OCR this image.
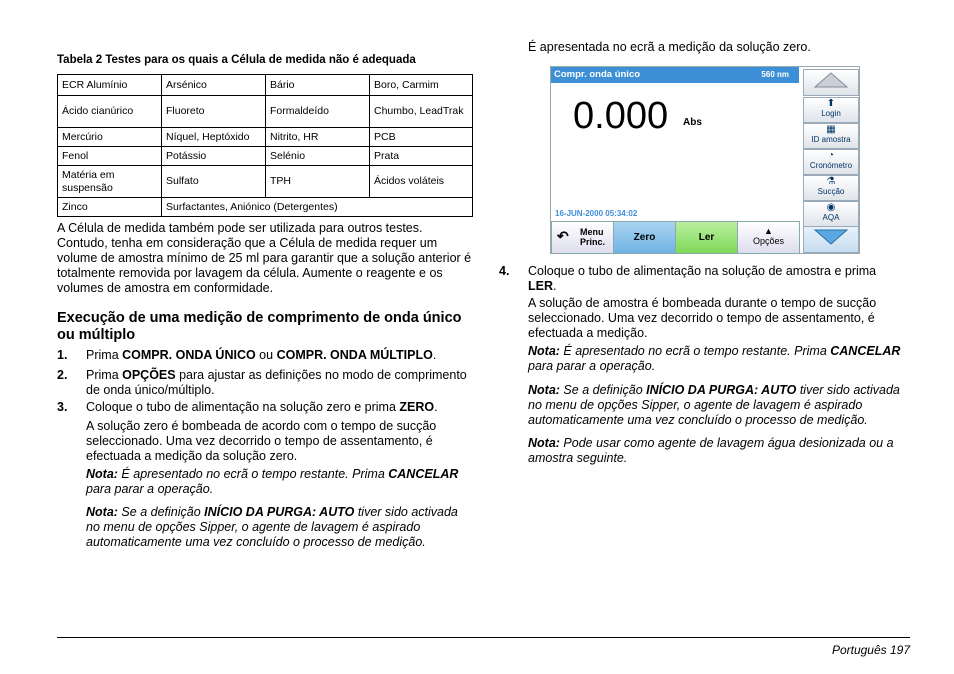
Tabela 2 Testes para os quais a Célula de medida não é adequada
ECR Alumínio	Arsénico	Bário	Boro, Carmim
Ácido cianúrico	Fluoreto	Formaldeído	Chumbo, LeadTrak
Mercúrio	Níquel, Heptóxido	Nitrito, HR	PCB
Fenol	Potássio	Selénio	Prata
Matéria em suspensão	Sulfato	TPH	Ácidos voláteis
Zinco	Surfactantes, Aniónico (Detergentes)		
A Célula de medida também pode ser utilizada para outros testes. Contudo, tenha em consideração que a Célula de medida requer um volume de amostra mínimo de 25 ml para garantir que a solução anterior é totalmente removida por lavagem da célula. Aumente o reagente e os volumes de amostra em conformidade.
Execução de uma medição de comprimento de onda único ou múltiplo
1. Prima COMPR. ONDA ÚNICO ou COMPR. ONDA MÚLTIPLO.
2. Prima OPÇÕES para ajustar as definições no modo de comprimento de onda único/múltiplo.
3. Coloque o tubo de alimentação na solução zero e prima ZERO.
A solução zero é bombeada de acordo com o tempo de sucção seleccionado. Uma vez decorrido o tempo de assentamento, é efectuada a medição da solução zero.
Nota: É apresentado no ecrã o tempo restante. Prima CANCELAR para parar a operação.
Nota: Se a definição INÍCIO DA PURGA: AUTO tiver sido activada no menu de opções Sipper, o agente de lavagem é aspirado automaticamente uma vez concluído o processo de medição.
É apresentada no ecrã a medição da solução zero.
Compr. onda único	560 nm
0.000 Abs
16-JUN-2000 05:34:02
⬆
Login
▦
ID amostra
◔
Cronómetro
⚗
Sucção
◉
AQA
↶ Menu Princ.	Zero	Ler
▲
Opções
4. Coloque o tubo de alimentação na solução de amostra e prima LER.
A solução de amostra é bombeada durante o tempo de sucção seleccionado. Uma vez decorrido o tempo de assentamento, é efectuada a medição.
Nota: É apresentado no ecrã o tempo restante. Prima CANCELAR para parar a operação.
Nota: Se a definição INÍCIO DA PURGA: AUTO tiver sido activada no menu de opções Sipper, o agente de lavagem é aspirado automaticamente uma vez concluído o processo de medição.
Nota: Pode usar como agente de lavagem água desionizada ou a amostra seguinte.
Português 197
